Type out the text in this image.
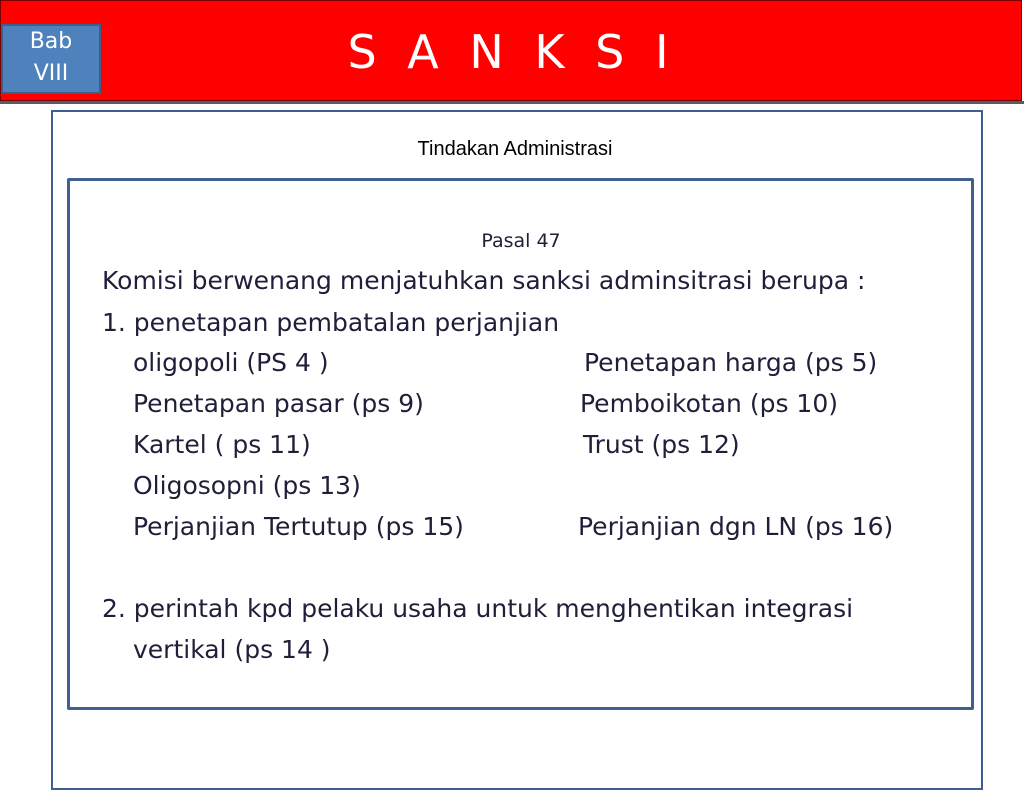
S A N K S I
Bab
VIII
Tindakan Administrasi
Pasal 47
Komisi berwenang menjatuhkan sanksi adminsitrasi berupa :
1. penetapan pembatalan perjanjian
oligopoli (PS 4 )	Penetapan harga (ps 5)
Penetapan pasar (ps 9)	Pemboikotan (ps 10)
Kartel ( ps 11)	Trust (ps 12)
Oligosopni (ps 13)
Perjanjian Tertutup (ps 15)	Perjanjian dgn LN (ps 16)
2. perintah kpd pelaku usaha untuk menghentikan integrasi
vertikal (ps 14 )
